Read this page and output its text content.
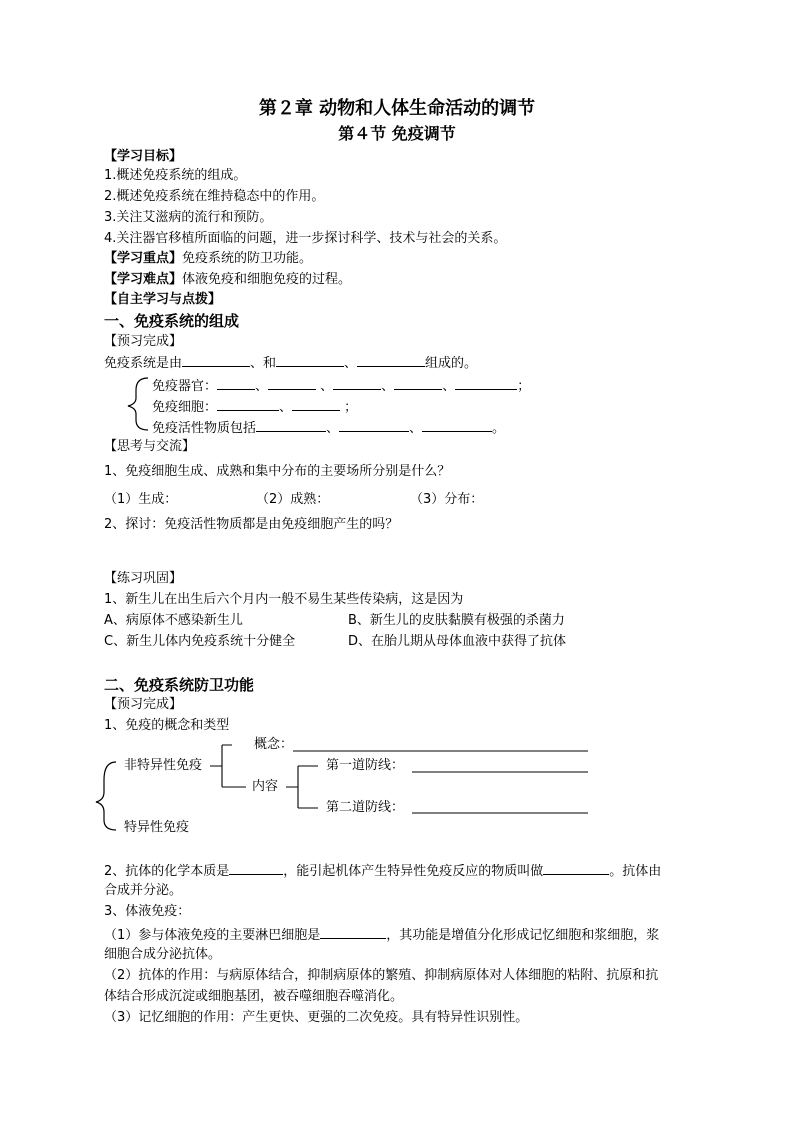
第２章 动物和人体生命活动的调节
第４节 免疫调节
【学习目标】
1.概述免疫系统的组成。
2.概述免疫系统在维持稳态中的作用。
3.关注艾滋病的流行和预防。
4.关注器官移植所面临的问题，进一步探讨科学、技术与社会的关系。
【学习重点】免疫系统的防卫功能。
【学习难点】体液免疫和细胞免疫的过程。
【自主学习与点拨】
一、免疫系统的组成
【预习完成】
免疫系统是由	、和	、	组成的。
免疫器官：	、	、	、	、	；
免疫细胞：	、	；
免疫活性物质包括	、	、	。
【思考与交流】
1、免疫细胞生成、成熟和集中分布的主要场所分别是什么？
（1）生成：	（2）成熟：	（3）分布：
2、探讨：免疫活性物质都是由免疫细胞产生的吗？
【练习巩固】
1、新生儿在出生后六个月内一般不易生某些传染病，这是因为
A、病原体不感染新生儿	B、新生儿的皮肤黏膜有极强的杀菌力
C、新生儿体内免疫系统十分健全	D、在胎儿期从母体血液中获得了抗体
二、免疫系统防卫功能
【预习完成】
1、免疫的概念和类型
非特异性免疫
概念：
内容
第一道防线：
第二道防线：
特异性免疫
2、抗体的化学本质是	，能引起机体产生特异性免疫反应的物质叫做	。抗体由
合成并分泌。
3、体液免疫：
（1）参与体液免疫的主要淋巴细胞是	，其功能是增值分化形成记忆细胞和浆细胞，浆
细胞合成分泌抗体。
（2）抗体的作用：与病原体结合，抑制病原体的繁殖、抑制病原体对人体细胞的粘附、抗原和抗
体结合形成沉淀或细胞基团，被吞噬细胞吞噬消化。
（3）记忆细胞的作用：产生更快、更强的二次免疫。具有特异性识别性。
